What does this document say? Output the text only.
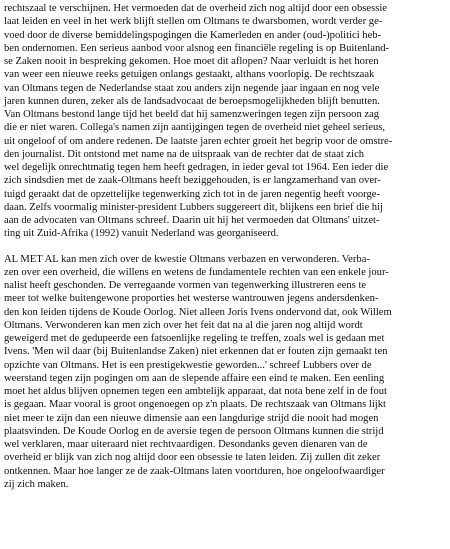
rechtszaal te verschijnen. Het vermoeden dat de overheid zich nog altijd door een obsessie
laat leiden en veel in het werk blijft stellen om Oltmans te dwarsbomen, wordt verder ge-
voed door de diverse bemiddelingspogingen die Kamerleden en ander (oud-)politici heb-
ben ondernomen. Een serieus aanbod voor alsnog een financiële regeling is op Buitenland-
se Zaken nooit in bespreking gekomen. Hoe moet dit aflopen? Naar verluidt is het horen
van weer een nieuwe reeks getuigen onlangs gestaakt, althans voorlopig. De rechtszaak
van Oltmans tegen de Nederlandse staat zou anders zijn negende jaar ingaan en nog vele
jaren kunnen duren, zeker als de landsadvocaat de beroepsmogelijkheden blijft benutten.
Van Oltmans bestond lange tijd het beeld dat hij samenzweringen tegen zijn persoon zag
die er niet waren. Collega's namen zijn aantijgingen tegen de overheid niet geheel serieus,
uit ongeloof of om andere redenen. De laatste jaren echter groeit het begrip voor de omstre-
den journalist. Dit ontstond met name na de uitspraak van de rechter dat de staat zich
wel degelijk onrechtmatig tegen hem heeft gedragen, in ieder geval tot 1964. Een ieder die
zich sindsdien met de zaak-Oltmans heeft beziggehouden, is er langzamerhand van over-
tuigd geraakt dat de opzettelijke tegenwerking zich tot in de jaren negentig heeft voorge-
daan. Zelfs voormalig minister-president Lubbers suggereert dit, blijkens een brief die hij
aan de advocaten van Oltmans schreef. Daarin uit hij het vermoeden dat Oltmans' uitzet-
ting uit Zuid-Afrika (1992) vanuit Nederland was georganiseerd.

AL MET AL kan men zich over de kwestie Oltmans verbazen en verwonderen. Verba-
zen over een overheid, die willens en wetens de fundamentele rechten van een enkele jour-
nalist heeft geschonden. De verregaande vormen van tegenwerking illustreren eens te
meer tot welke buitengewone proporties het westerse wantrouwen jegens andersdenken-
den kon leiden tijdens de Koude Oorlog. Niet alleen Joris Ivens ondervond dat, ook Willem
Oltmans. Verwonderen kan men zich over het feit dat na al die jaren nog altijd wordt
geweigerd met de gedupeerde een fatsoenlijke regeling te treffen, zoals wel is gedaan met
Ivens. 'Men wil daar (bij Buitenlandse Zaken) niet erkennen dat er fouten zijn gemaakt ten
opzichte van Oltmans. Het is een prestigekwestie geworden...' schreef Lubbers over de
weerstand tegen zijn pogingen om aan de slepende affaire een eind te maken. Een eenling
moet het aldus blijven opnemen tegen een ambtelijk apparaat, dat nota bene zelf in de fout
is gegaan. Maar vooral is groot ongenoegen op z'n plaats. De rechtszaak van Oltmans lijkt
niet meer te zijn dan een nieuwe dimensie aan een langdurige strijd die nooit had mogen
plaatsvinden. De Koude Oorlog en de aversie tegen de persoon Oltmans kunnen die strijd
wel verklaren, maar uiteraard niet rechtvaardigen. Desondanks geven dienaren van de
overheid er blijk van zich nog altijd door een obsessie te laten leiden. Zij zullen dit zeker
ontkennen. Maar hoe langer ze de zaak-Oltmans laten voortduren, hoe ongeloofwaardiger
zij zich maken.
